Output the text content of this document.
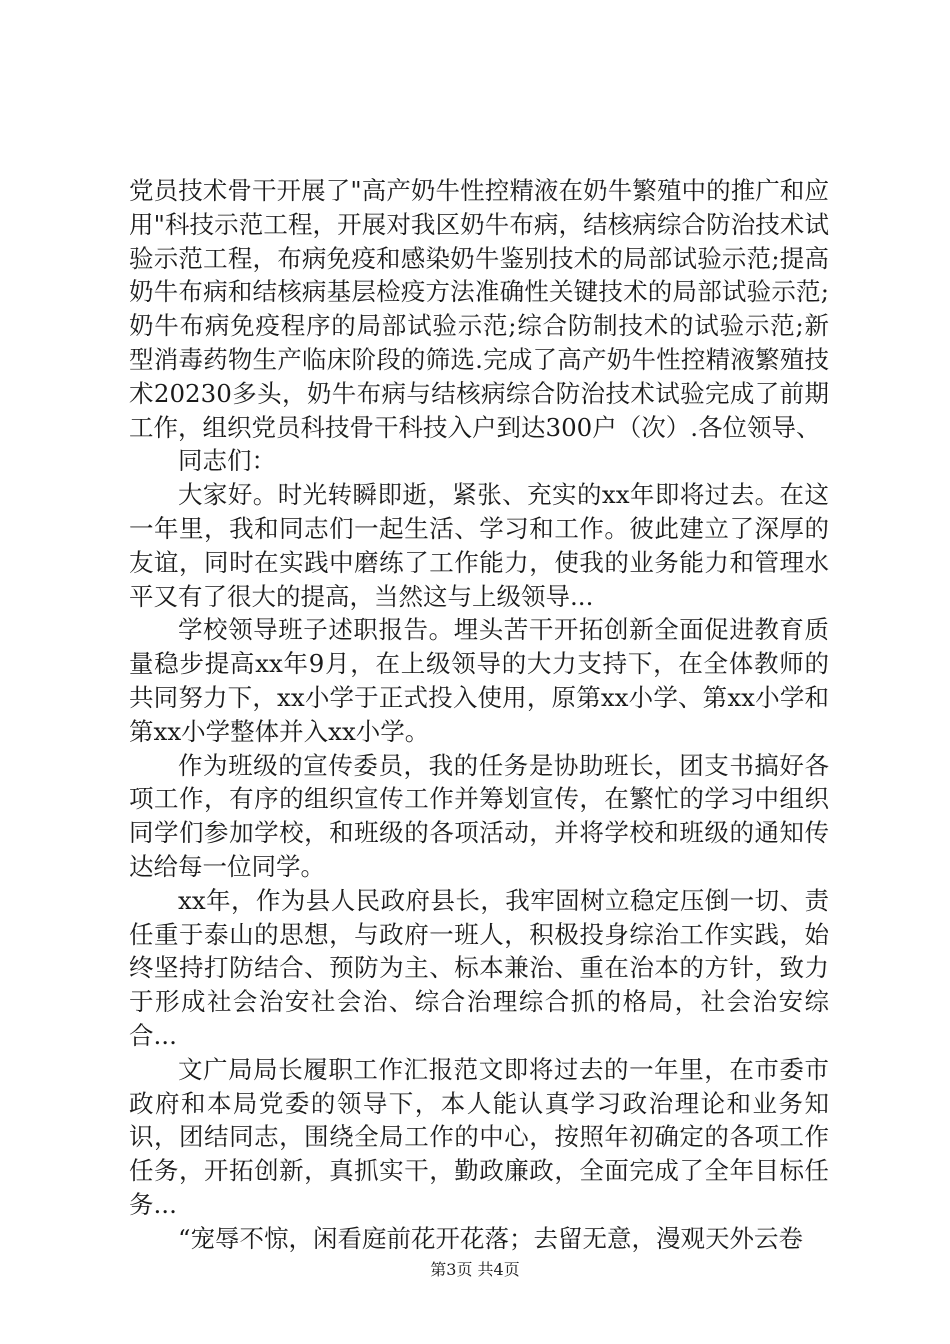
党员技术骨干开展了"高产奶牛性控精液在奶牛繁殖中的推广和应用"科技示范工程，开展对我区奶牛布病，结核病综合防治技术试验示范工程，布病免疫和感染奶牛鉴别技术的局部试验示范;提高奶牛布病和结核病基层检疫方法准确性关键技术的局部试验示范;奶牛布病免疫程序的局部试验示范;综合防制技术的试验示范;新型消毒药物生产临床阶段的筛选.完成了高产奶牛性控精液繁殖技术20230多头，奶牛布病与结核病综合防治技术试验完成了前期工作，组织党员科技骨干科技入户到达300户（次）.各位领导、

同志们：

大家好。时光转瞬即逝，紧张、充实的xx年即将过去。在这一年里，我和同志们一起生活、学习和工作。彼此建立了深厚的友谊，同时在实践中磨练了工作能力，使我的业务能力和管理水平又有了很大的提高，当然这与上级领导...

学校领导班子述职报告。埋头苦干开拓创新全面促进教育质量稳步提高xx年9月，在上级领导的大力支持下，在全体教师的共同努力下，xx小学于正式投入使用，原第xx小学、第xx小学和第xx小学整体并入xx小学。

作为班级的宣传委员，我的任务是协助班长，团支书搞好各项工作，有序的组织宣传工作并筹划宣传，在繁忙的学习中组织同学们参加学校，和班级的各项活动，并将学校和班级的通知传达给每一位同学。

xx年，作为县人民政府县长，我牢固树立稳定压倒一切、责任重于泰山的思想，与政府一班人，积极投身综治工作实践，始终坚持打防结合、预防为主、标本兼治、重在治本的方针，致力于形成社会治安社会治、综合治理综合抓的格局，社会治安综合...

文广局局长履职工作汇报范文即将过去的一年里，在市委市政府和本局党委的领导下，本人能认真学习政治理论和业务知识，团结同志，围绕全局工作的中心，按照年初确定的各项工作任务，开拓创新，真抓实干，勤政廉政，全面完成了全年目标任务...

“宠辱不惊，闲看庭前花开花落；去留无意，漫观天外云卷

第3页 共4页
